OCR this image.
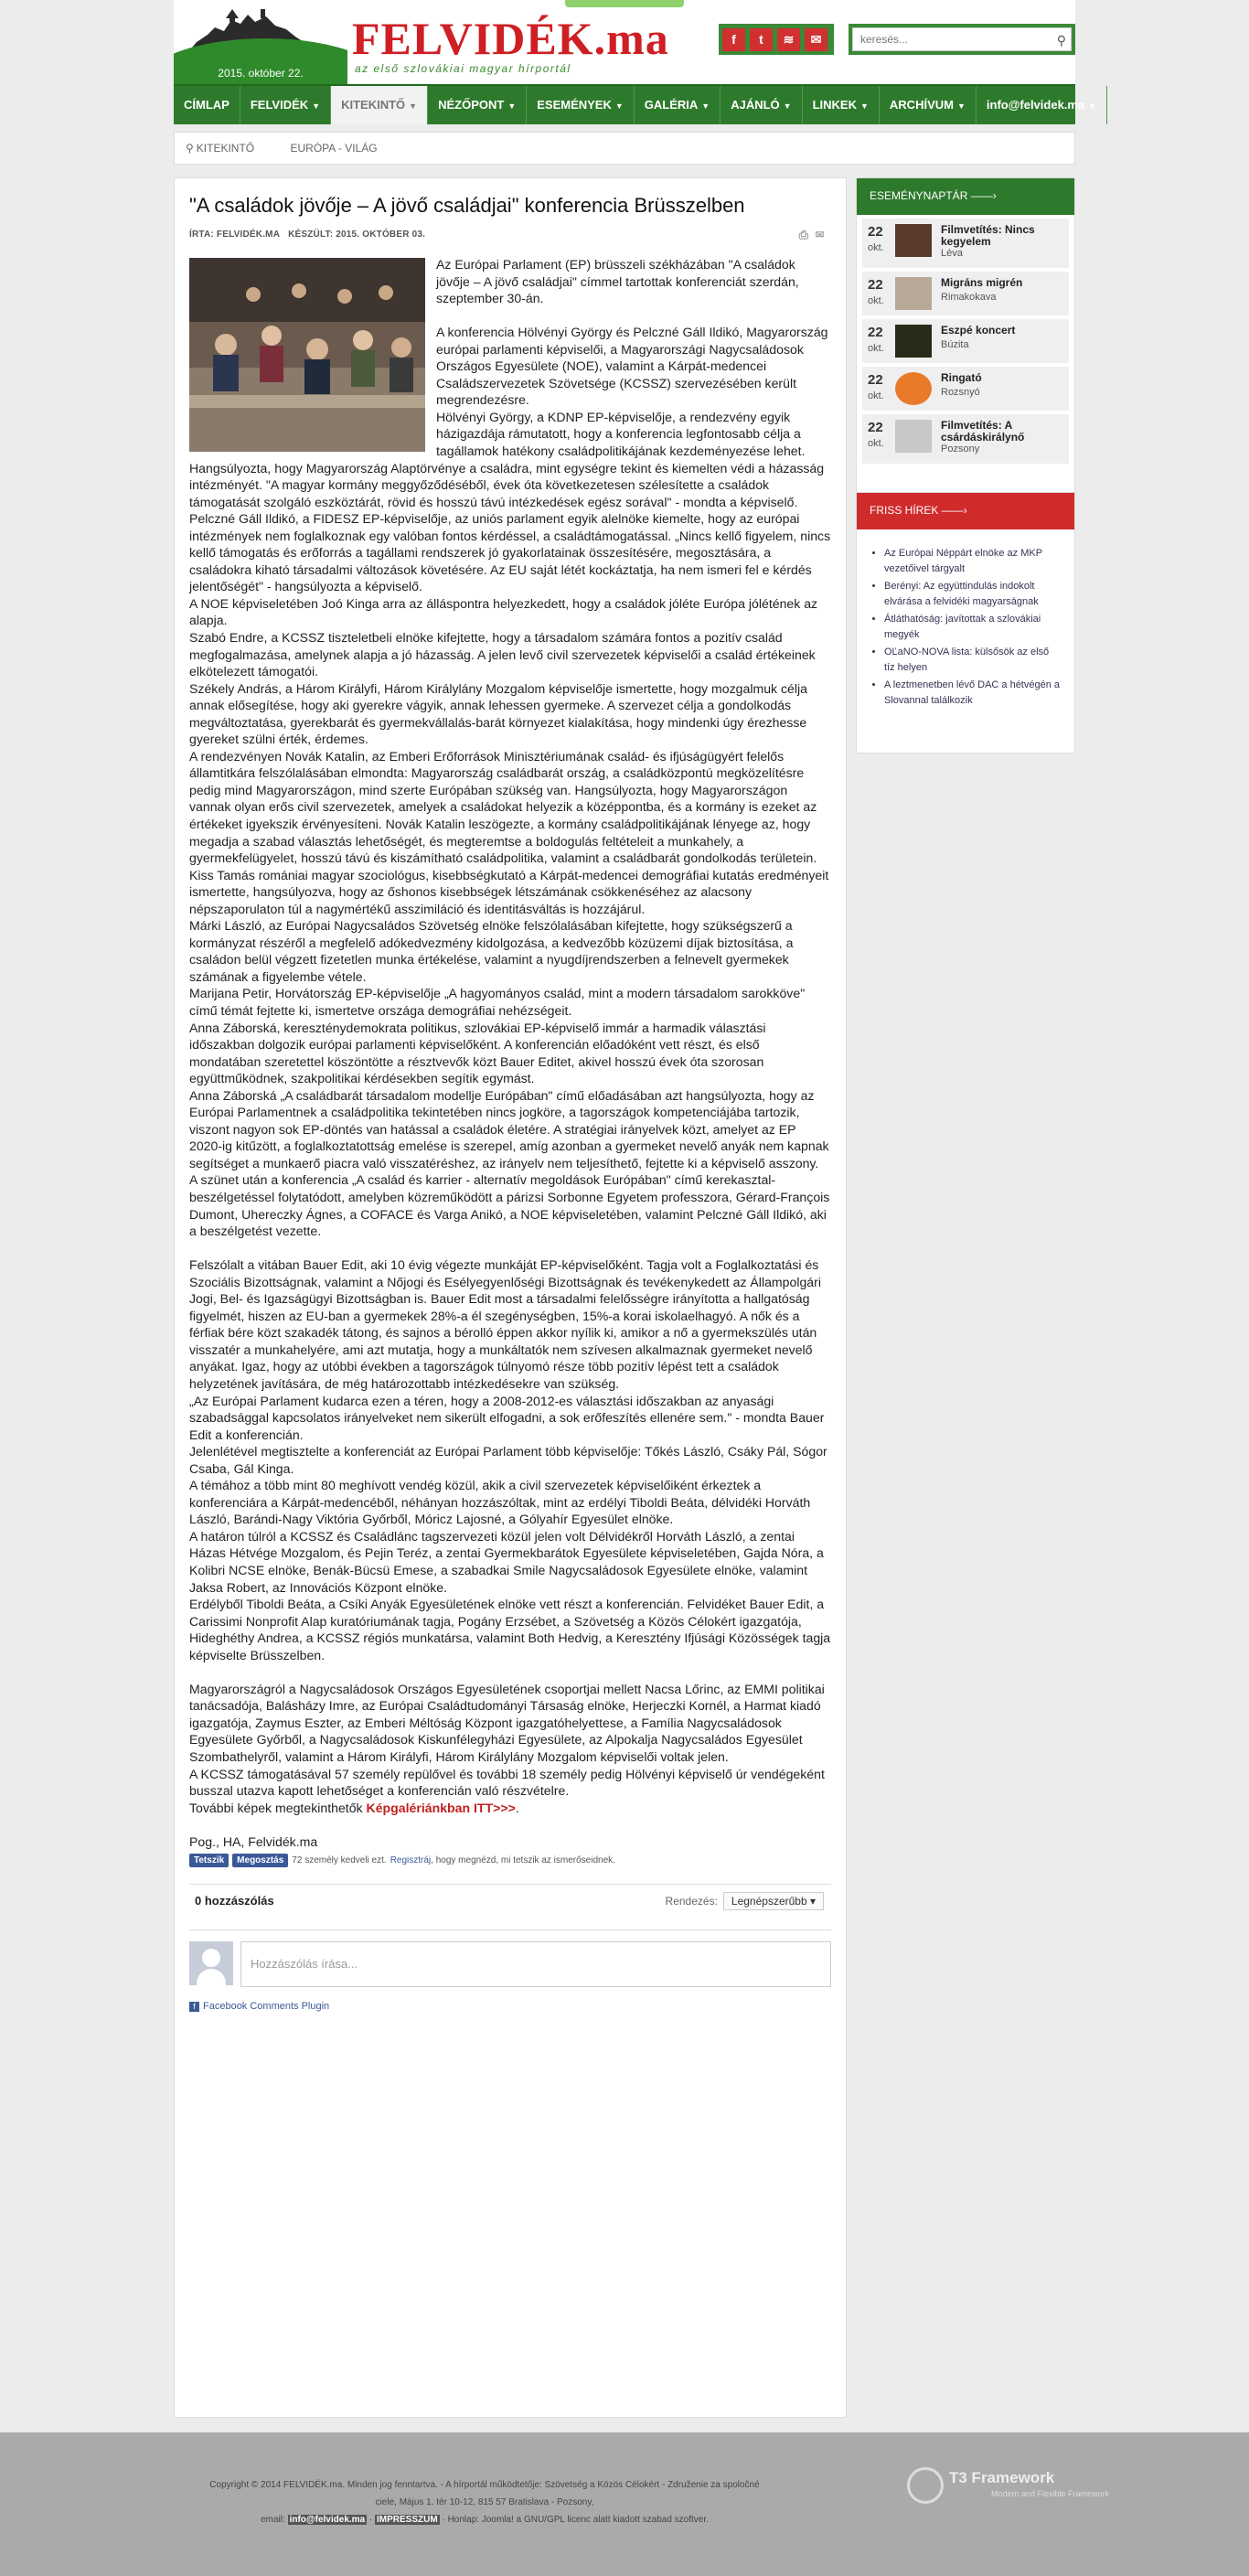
2015. október 22.
FELVIDÉK.ma
az első szlovákiai magyar hírportál
f	t	≋	✉
keresés...	⚲
CÍMLAP	FELVIDÉK ▼	KITEKINTŐ ▼	NÉZŐPONT ▼	ESEMÉNYEK ▼	GALÉRIA ▼	AJÁNLÓ ▼	LINKEK ▼	ARCHÍVUM ▼	info@felvidek.ma ▼
⚲ KITEKINTŐ	EURÓPA - VILÁG
"A családok jövője – A jövő családjai" konferencia Brüsszelben
ÍRTA: FELVIDÉK.MA KÉSZÜLT: 2015. OKTÓBER 03.	⎙✉

Az Európai Parlament (EP) brüsszeli székházában "A családok jövője – A jövő családjai" címmel tartottak konferenciát szerdán, szeptember 30-án.

A konferencia Hölvényi György és Pelczné Gáll Ildikó, Magyarország európai parlamenti képviselői, a Magyarországi Nagycsaládosok Országos Egyesülete (NOE), valamint a Kárpát-medencei Családszervezetek Szövetsége (KCSSZ) szervezésében került megrendezésre.

Hölvényi György, a KDNP EP-képviselője, a rendezvény egyik házigazdája rámutatott, hogy a konferencia legfontosabb célja a tagállamok hatékony családpolitikájának kezdeményezése lehet. Hangsúlyozta, hogy Magyarország Alaptörvénye a családra, mint egységre tekint és kiemelten védi a házasság intézményét. "A magyar kormány meggyőződéséből, évek óta következetesen szélesítette a családok támogatását szolgáló eszköztárát, rövid és hosszú távú intézkedések egész sorával" - mondta a képviselő.

Pelczné Gáll Ildikó, a FIDESZ EP-képviselője, az uniós parlament egyik alelnöke kiemelte, hogy az európai intézmények nem foglalkoznak egy valóban fontos kérdéssel, a családtámogatással. „Nincs kellő figyelem, nincs kellő támogatás és erőforrás a tagállami rendszerek jó gyakorlatainak összesítésére, megosztására, a családokra kiható társadalmi változások követésére. Az EU saját létét kockáztatja, ha nem ismeri fel e kérdés jelentőségét" - hangsúlyozta a képviselő.

A NOE képviseletében Joó Kinga arra az álláspontra helyezkedett, hogy a családok jóléte Európa jólétének az alapja.

Szabó Endre, a KCSSZ tiszteletbeli elnöke kifejtette, hogy a társadalom számára fontos a pozitív család megfogalmazása, amelynek alapja a jó házasság. A jelen levő civil szervezetek képviselői a család értékeinek elkötelezett támogatói.

Székely András, a Három Királyfi, Három Királylány Mozgalom képviselője ismertette, hogy mozgalmuk célja annak elősegítése, hogy aki gyerekre vágyik, annak lehessen gyermeke. A szervezet célja a gondolkodás megváltoztatása, gyerekbarát és gyermekvállalás-barát környezet kialakítása, hogy mindenki úgy érezhesse gyereket szülni érték, érdemes.

A rendezvényen Novák Katalin, az Emberi Erőforrások Minisztériumának család- és ifjúságügyért felelős államtitkára felszólalásában elmondta: Magyarország családbarát ország, a családközpontú megközelítésre pedig mind Magyarországon, mind szerte Európában szükség van. Hangsúlyozta, hogy Magyarországon vannak olyan erős civil szervezetek, amelyek a családokat helyezik a középpontba, és a kormány is ezeket az értékeket igyekszik érvényesíteni. Novák Katalin leszögezte, a kormány családpolitikájának lényege az, hogy megadja a szabad választás lehetőségét, és megteremtse a boldogulás feltételeit a munkahely, a gyermekfelügyelet, hosszú távú és kiszámítható családpolitika, valamint a családbarát gondolkodás területein.

Kiss Tamás romániai magyar szociológus, kisebbségkutató a Kárpát-medencei demográfiai kutatás eredményeit ismertette, hangsúlyozva, hogy az őshonos kisebbségek létszámának csökkenéséhez az alacsony népszaporulaton túl a nagymértékű asszimiláció és identitásváltás is hozzájárul.

Márki László, az Európai Nagycsaládos Szövetség elnöke felszólalásában kifejtette, hogy szükségszerű a kormányzat részéről a megfelelő adókedvezmény kidolgozása, a kedvezőbb közüzemi díjak biztosítása, a családon belül végzett fizetetlen munka értékelése, valamint a nyugdíjrendszerben a felnevelt gyermekek számának a figyelembe vétele.

Marijana Petir, Horvátország EP-képviselője „A hagyományos család, mint a modern társadalom sarokköve" című témát fejtette ki, ismertetve országa demográfiai nehézségeit.

Anna Záborská, kereszténydemokrata politikus, szlovákiai EP-képviselő immár a harmadik választási időszakban dolgozik európai parlamenti képviselőként. A konferencián előadóként vett részt, és első mondatában szeretettel köszöntötte a résztvevők közt Bauer Editet, akivel hosszú évek óta szorosan együttműködnek, szakpolitikai kérdésekben segítik egymást.

Anna Záborská „A családbarát társadalom modellje Európában" című előadásában azt hangsúlyozta, hogy az Európai Parlamentnek a családpolitika tekintetében nincs jogköre, a tagországok kompetenciájába tartozik, viszont nagyon sok EP-döntés van hatással a családok életére. A stratégiai irányelvek közt, amelyet az EP 2020-ig kitűzött, a foglalkoztatottság emelése is szerepel, amíg azonban a gyermeket nevelő anyák nem kapnak segítséget a munkaerő piacra való visszatéréshez, az irányelv nem teljesíthető, fejtette ki a képviselő asszony.

A szünet után a konferencia „A család és karrier - alternatív megoldások Európában" című kerekasztal-beszélgetéssel folytatódott, amelyben közreműködött a párizsi Sorbonne Egyetem professzora, Gérard-François Dumont, Uhereczky Ágnes, a COFACE és Varga Anikó, a NOE képviseletében, valamint Pelczné Gáll Ildikó, aki a beszélgetést vezette.

Felszólalt a vitában Bauer Edit, aki 10 évig végezte munkáját EP-képviselőként. Tagja volt a Foglalkoztatási és Szociális Bizottságnak, valamint a Nőjogi és Esélyegyenlőségi Bizottságnak és tevékenykedett az Állampolgári Jogi, Bel- és Igazságügyi Bizottságban is. Bauer Edit most a társadalmi felelősségre irányította a hallgatóság figyelmét, hiszen az EU-ban a gyermekek 28%-a él szegénységben, 15%-a korai iskolaelhagyó. A nők és a férfiak bére közt szakadék tátong, és sajnos a bérolló éppen akkor nyílik ki, amikor a nő a gyermekszülés után visszatér a munkahelyére, ami azt mutatja, hogy a munkáltatók nem szívesen alkalmaznak gyermeket nevelő anyákat. Igaz, hogy az utóbbi években a tagországok túlnyomó része több pozitív lépést tett a családok helyzetének javítására, de még határozottabb intézkedésekre van szükség.

„Az Európai Parlament kudarca ezen a téren, hogy a 2008-2012-es választási időszakban az anyasági szabadsággal kapcsolatos irányelveket nem sikerült elfogadni, a sok erőfeszítés ellenére sem." - mondta Bauer Edit a konferencián.

Jelenlétével megtisztelte a konferenciát az Európai Parlament több képviselője: Tőkés László, Csáky Pál, Sógor Csaba, Gál Kinga.

A témához a több mint 80 meghívott vendég közül, akik a civil szervezetek képviselőiként érkeztek a konferenciára a Kárpát-medencéből, néhányan hozzászóltak, mint az erdélyi Tiboldi Beáta, délvidéki Horváth László, Barándi-Nagy Viktória Győrből, Móricz Lajosné, a Gólyahír Egyesület elnöke.

A határon túlról a KCSSZ és Családlánc tagszervezeti közül jelen volt Délvidékről Horváth László, a zentai Házas Hétvége Mozgalom, és Pejin Teréz, a zentai Gyermekbarátok Egyesülete képviseletében, Gajda Nóra, a Kolibri NCSE elnöke, Benák-Bücsü Emese, a szabadkai Smile Nagycsaládosok Egyesülete elnöke, valamint Jaksa Robert, az Innovációs Központ elnöke.

Erdélyből Tiboldi Beáta, a Csíki Anyák Egyesületének elnöke vett részt a konferencián. Felvidéket Bauer Edit, a Carissimi Nonprofit Alap kuratóriumának tagja, Pogány Erzsébet, a Szövetség a Közös Célokért igazgatója, Hideghéthy Andrea, a KCSSZ régiós munkatársa, valamint Both Hedvig, a Keresztény Ifjúsági Közösségek tagja képviselte Brüsszelben.

Magyarországról a Nagycsaládosok Országos Egyesületének csoportjai mellett Nacsa Lőrinc, az EMMI politikai tanácsadója, Balásházy Imre, az Európai Családtudományi Társaság elnöke, Herjeczki Kornél, a Harmat kiadó igazgatója, Zaymus Eszter, az Emberi Méltóság Központ igazgatóhelyettese, a Família Nagycsaládosok Egyesülete Győrből, a Nagycsaládosok Kiskunfélegyházi Egyesülete, az Alpokalja Nagycsaládos Egyesület Szombathelyről, valamint a Három Királyfi, Három Királylány Mozgalom képviselői voltak jelen.

A KCSSZ támogatásával 57 személy repülővel és további 18 személy pedig Hölvényi képviselő úr vendégeként busszal utazva kapott lehetőséget a konferencián való részvételre.

További képek megtekinthetők Képgalériánkban ITT>>>.

Pog., HA, Felvidék.ma

Tetszik	Megosztás 72 személy kedveli ezt. Regisztráj , hogy megnézd, mi tetszik az ismerőseidnek.
0 hozzászólás	Rendezés: Legnépszerűbb ▾
Hozzászólás írása...
f Facebook Comments Plugin
ESEMÉNYNAPTÁR ——›
22
okt.
Filmvetítés: Nincs kegyelem
Léva
22
okt.
Migráns migrén
Rimakokava
22
okt.
Eszpé koncert
Búzita
22
okt.
Ringató
Rozsnyó
22
okt.
Filmvetítés: A csárdáskirálynő
Pozsony
FRISS HÍREK ——›
• Az Európai Néppárt elnöke az MKP vezetőivel tárgyalt
• Berényi: Az együttindulás indokolt elvárása a felvidéki magyarságnak
• Átláthatóság: javítottak a szlovákiai megyék
• OĽaNO-NOVA lista: külsősök az első tíz helyen
• A leztmenetben lévő DAC a hétvégén a Slovannal találkozik
Copyright © 2014 FELVIDÉK.ma. Minden jog fenntartva. - A hírportál működtetője: Szövetség a Közös Célokért - Združenie za spoločné
ciele, Május 1. tér 10-12, 815 57 Bratislava - Pozsony,
email: info@felvidek.ma · IMPRESSZUM · Honlap: Joomla! a GNU/GPL licenc alatt kiadott szabad szoftver.
T3 Framework
Modern and Flexible Framework
